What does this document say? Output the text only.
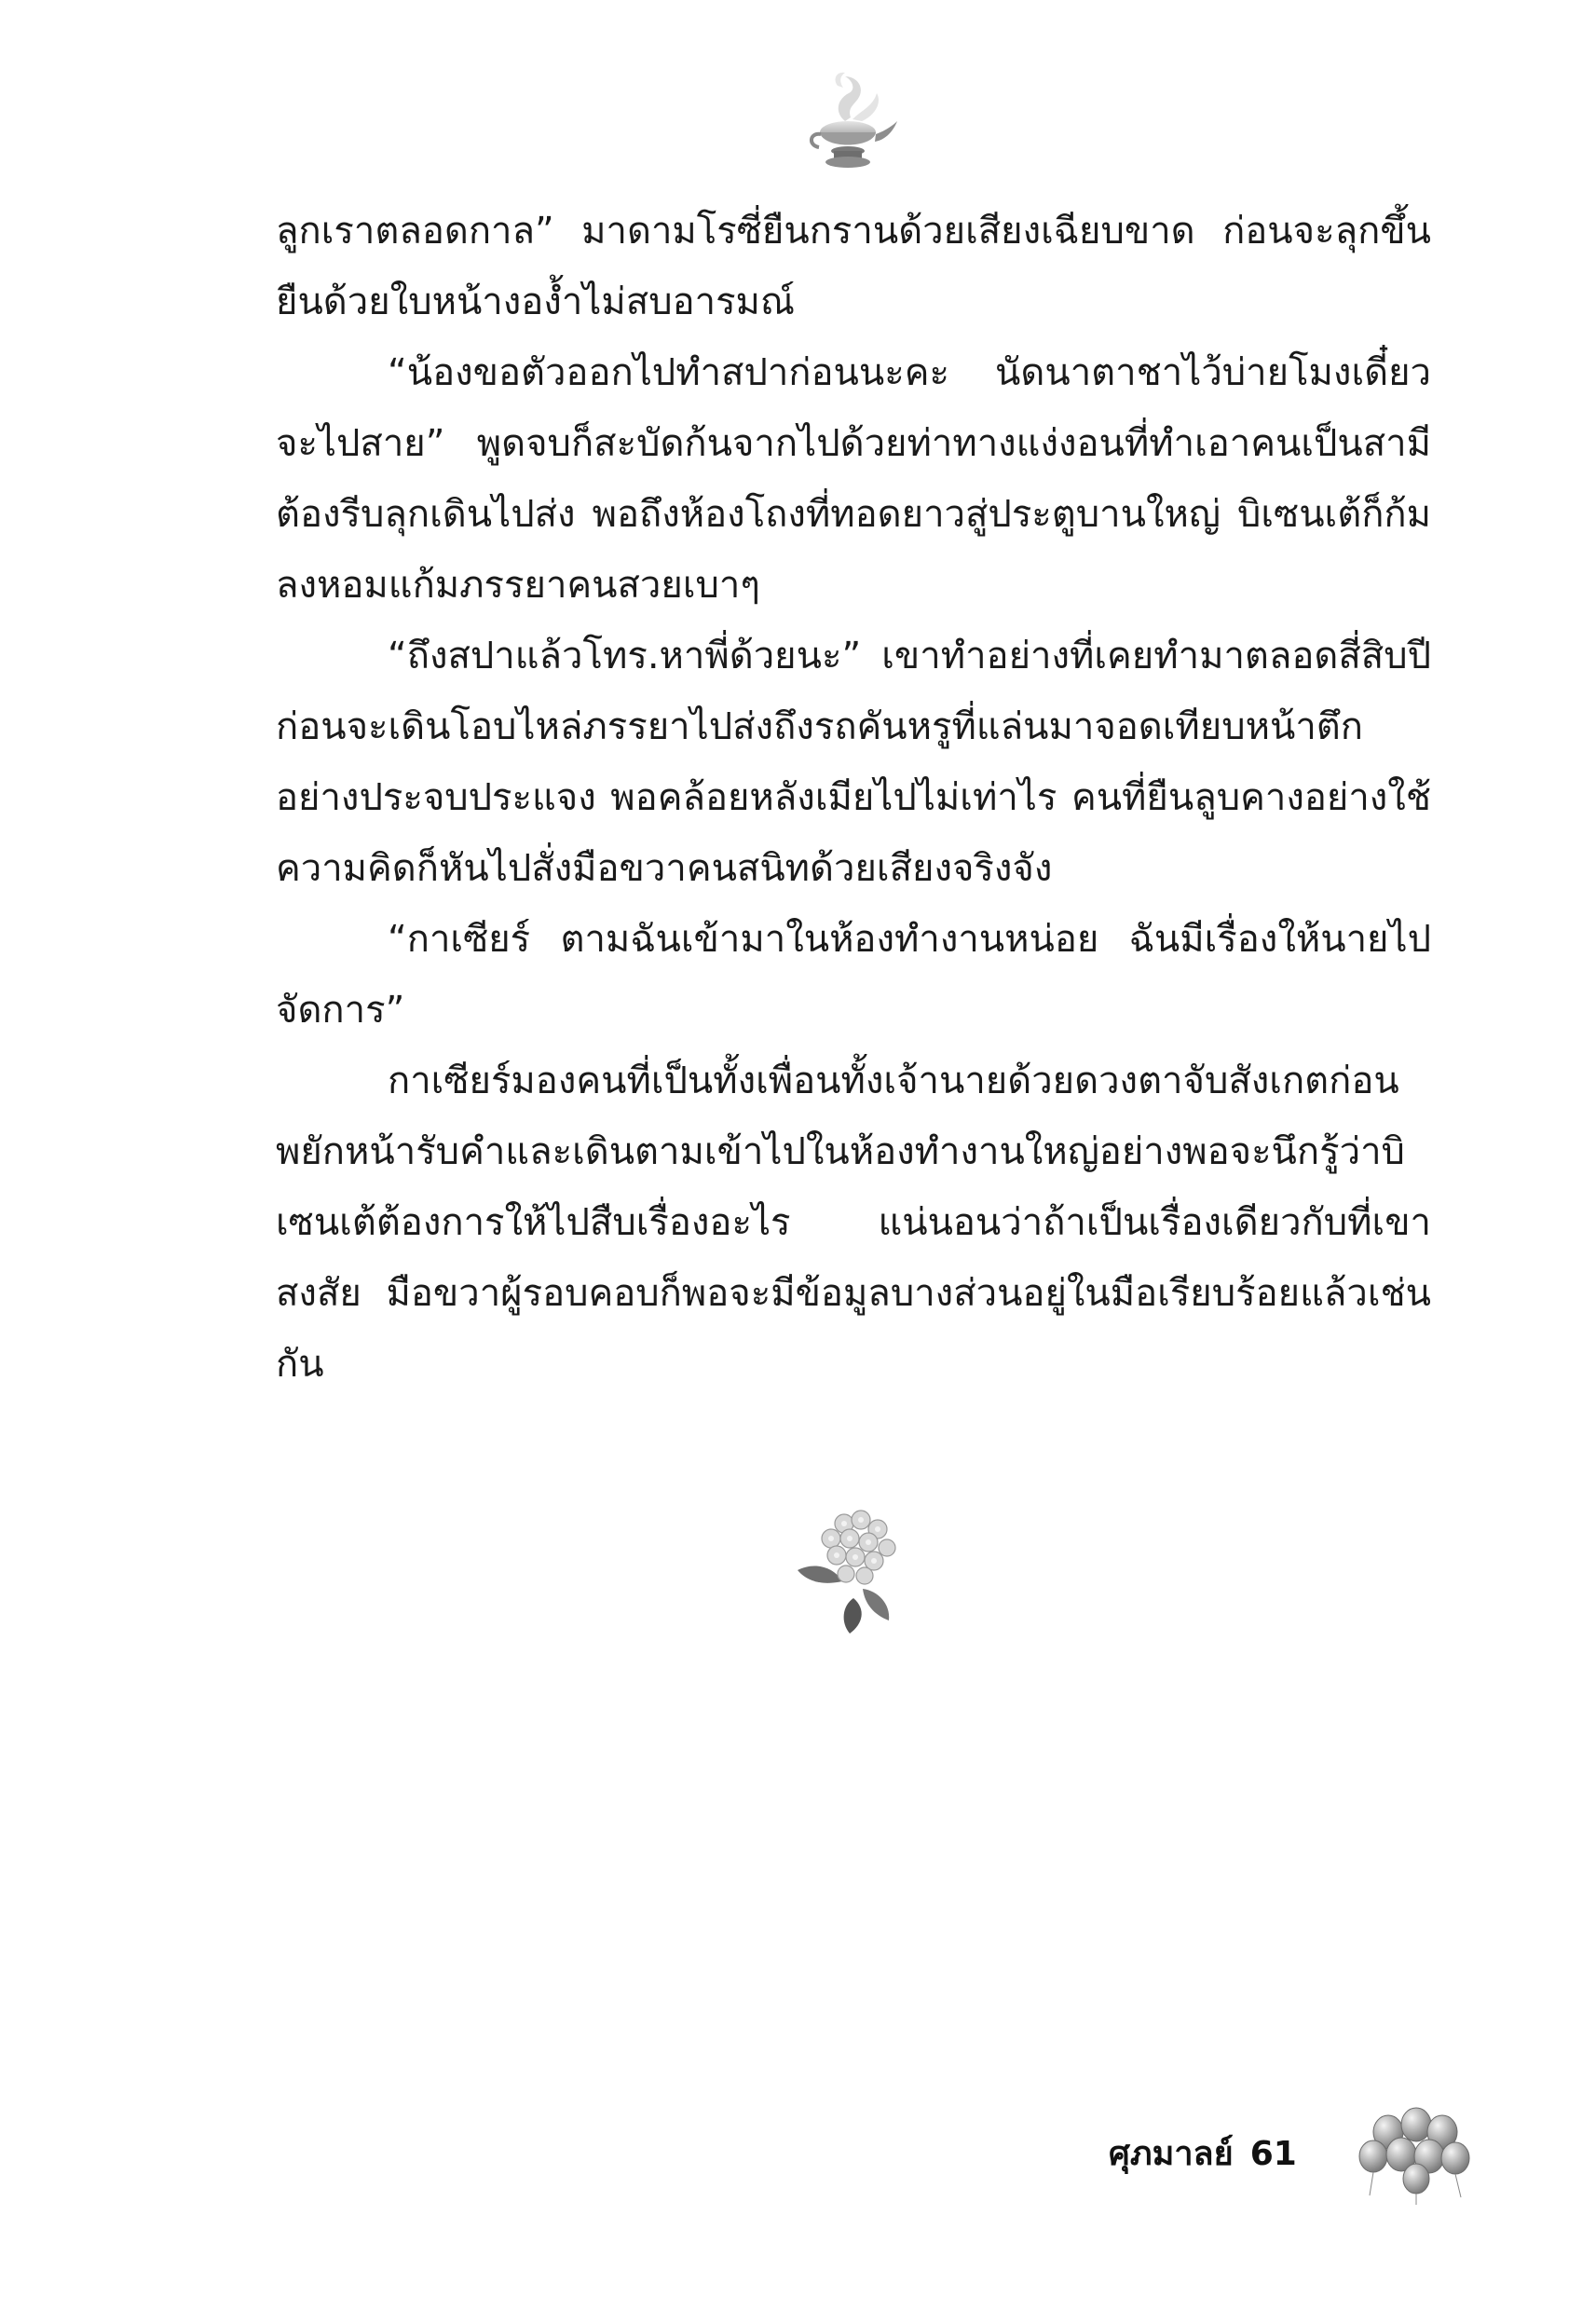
ลูกเราตลอดกาล” มาดามโรซี่ยืนกรานด้วยเสียงเฉียบขาด ก่อนจะลุกขึ้นยืนด้วยใบหน้างองํ้าไม่สบอารมณ์

“น้องขอตัวออกไปทำสปาก่อนนะคะ นัดนาตาชาไว้บ่ายโมงเดี๋ยวจะไปสาย” พูดจบก็สะบัดก้นจากไปด้วยท่าทางแง่งอนที่ทำเอาคนเป็นสามีต้องรีบลุกเดินไปส่ง พอถึงห้องโถงที่ทอดยาวสู่ประตูบานใหญ่ บิเซนเต้ก็ก้มลงหอมแก้มภรรยาคนสวยเบาๆ

“ถึงสปาแล้วโทร.หาพี่ด้วยนะ” เขาทำอย่างที่เคยทำมาตลอดสี่สิบปี ก่อนจะเดินโอบไหล่ภรรยาไปส่งถึงรถคันหรูที่แล่นมาจอดเทียบหน้าตึกอย่างประจบประแจง พอคล้อยหลังเมียไปไม่เท่าไร คนที่ยืนลูบคางอย่างใช้ความคิดก็หันไปสั่งมือขวาคนสนิทด้วยเสียงจริงจัง

“กาเซียร์ ตามฉันเข้ามาในห้องทำงานหน่อย ฉันมีเรื่องให้นายไปจัดการ”

กาเซียร์มองคนที่เป็นทั้งเพื่อนทั้งเจ้านายด้วยดวงตาจับสังเกตก่อนพยักหน้ารับคำและเดินตามเข้าไปในห้องทำงานใหญ่อย่างพอจะนึกรู้ว่าบิเซนเต้ต้องการให้ไปสืบเรื่องอะไร แน่นอนว่าถ้าเป็นเรื่องเดียวกับที่เขาสงสัย มือขวาผู้รอบคอบก็พอจะมีข้อมูลบางส่วนอยู่ในมือเรียบร้อยแล้วเช่นกัน

ศุภมาลย์ 61
